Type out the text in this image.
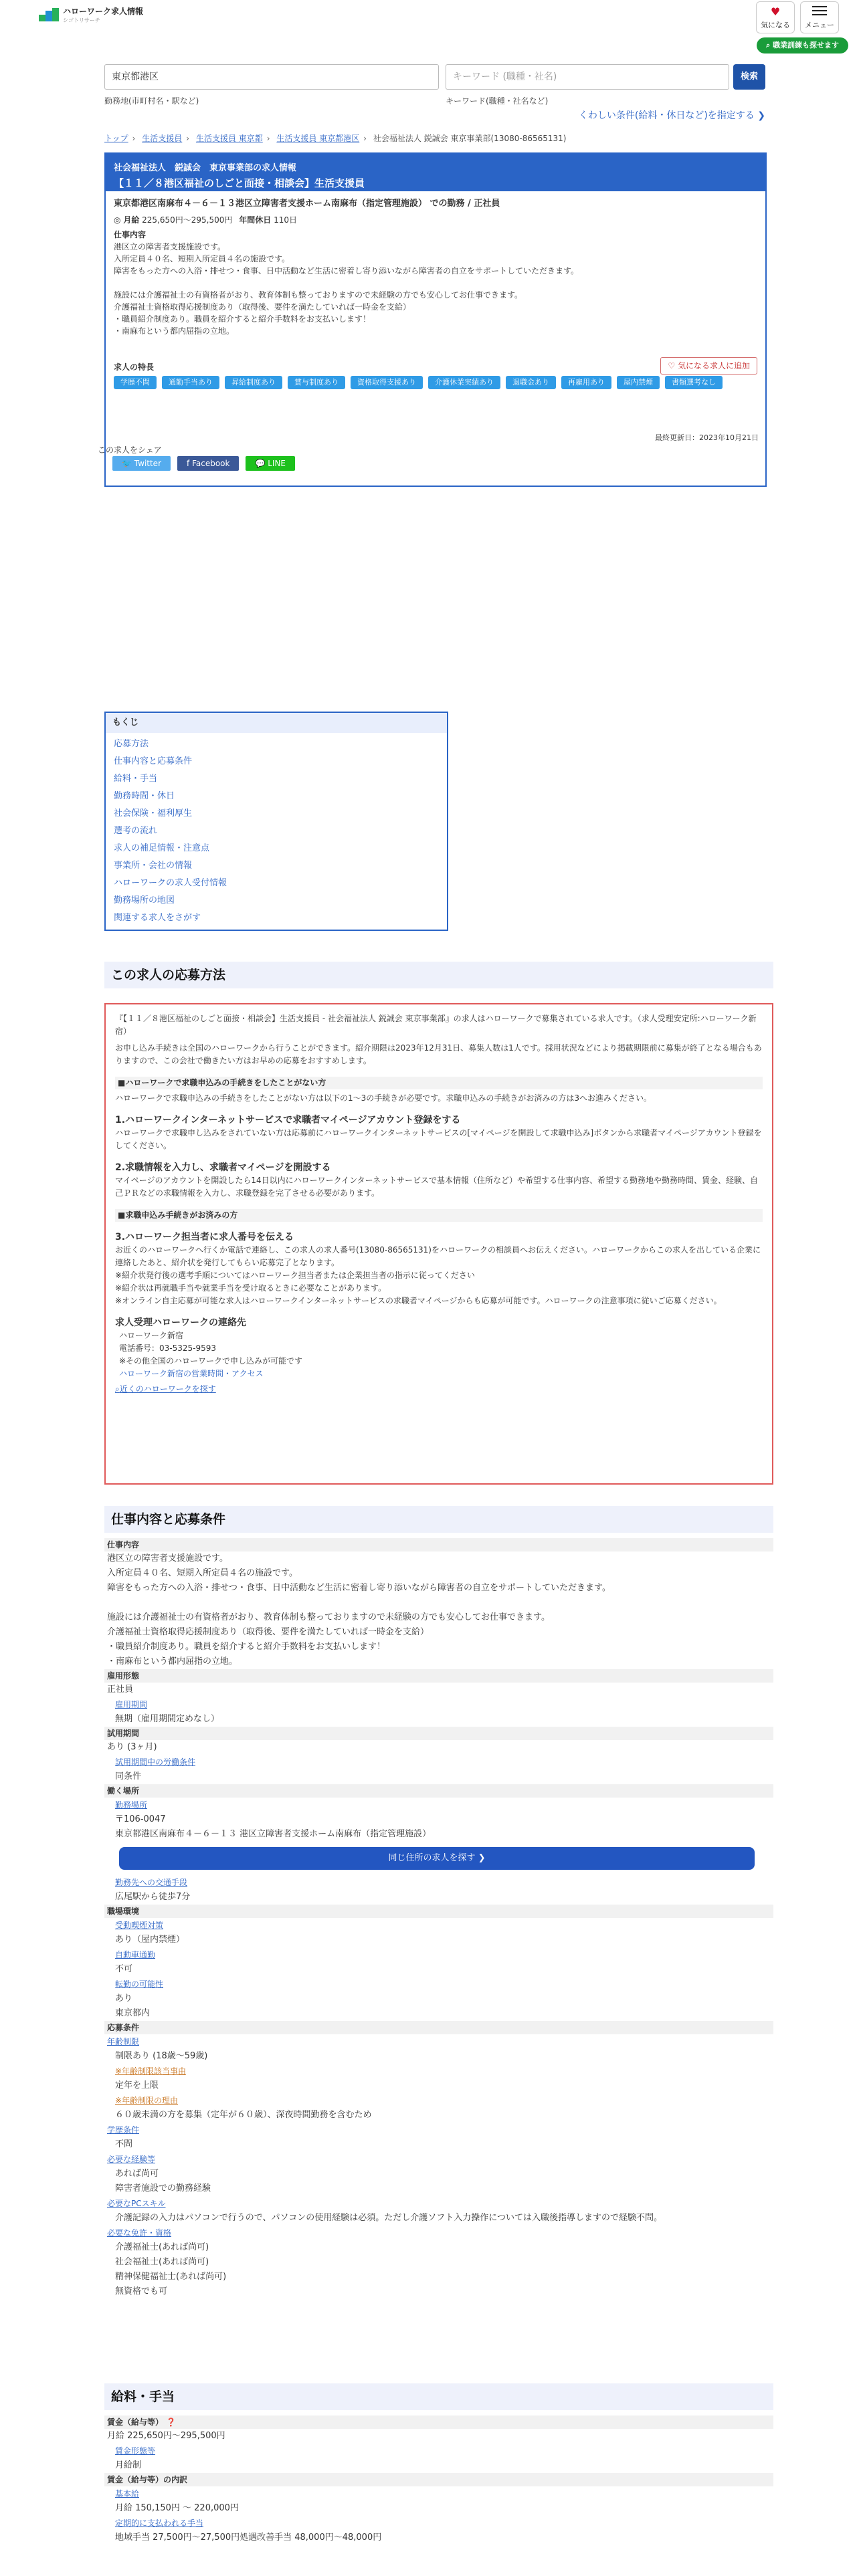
ハローワーク求人情報
シゴトリサーチ
♥
気になる	メニュー
⌕ 職業訓練も探せます
東京都港区
勤務地(市町村名・駅など)
キーワード (職種・社名)
キーワード(職種・社名など)
検索
くわしい条件(給料・休日など)を指定する ❯
トップ › 生活支援員 › 生活支援員 東京都 › 生活支援員 東京都港区 › 社会福祉法人 鋭誠会 東京事業部(13080-86565131)
社会福祉法人　鋭誠会　東京事業部の求人情報
【１１／８港区福祉のしごと面接・相談会】生活支援員
東京都港区南麻布４－６－１３港区立障害者支援ホーム南麻布（指定管理施設） での勤務 / 正社員
◎ 月給 225,650円〜295,500円 年間休日 110日
仕事内容
港区立の障害者支援施設です。
入所定員４０名、短期入所定員４名の施設です。
障害をもった方への入浴・排せつ・食事、日中活動など生活に密着し寄り添いながら障害者の自立をサポートしていただきます。
施設には介護福祉士の有資格者がおり、教育体制も整っておりますので未経験の方でも安心してお仕事できます。
介護福祉士資格取得応援制度あり（取得後、要件を満たしていれば一時金を支給）
・職員紹介制度あり。職員を紹介すると紹介手数料をお支払いします！
・南麻布という都内屈指の立地。
♡ 気になる求人に追加
求人の特長
学歴不問	通勤手当あり	昇給制度あり	賞与制度あり	資格取得支援あり	介護休業実績あり	退職金あり	再雇用あり	屋内禁煙	書類選考なし
最終更新日：2023年10月21日
この求人をシェア
🐦 Twitter	f Facebook	💬 LINE
もくじ
応募方法
仕事内容と応募条件
給料・手当
勤務時間・休日
社会保険・福利厚生
選考の流れ
求人の補足情報・注意点
事業所・会社の情報
ハローワークの求人受付情報
勤務場所の地図
関連する求人をさがす
この求人の応募方法
『【１１／８港区福祉のしごと面接・相談会】生活支援員 - 社会福祉法人 鋭誠会 東京事業部』の求人はハローワークで募集されている求人です。（求人受理安定所:ハローワーク新宿）
お申し込み手続きは全国のハローワークから行うことができます。紹介期限は2023年12月31日、募集人数は1人です。採用状況などにより掲載期限前に募集が終了となる場合もありますので、この会社で働きたい方はお早めの応募をおすすめします。
■ハローワークで求職申込みの手続きをしたことがない方
ハローワークで求職申込みの手続きをしたことがない方は以下の1〜3の手続きが必要です。求職申込みの手続きがお済みの方は3へお進みください。
1.ハローワークインターネットサービスで求職者マイページアカウント登録をする
ハローワークで求職申し込みをされていない方は応募前にハローワークインターネットサービスの[マイページを開設して求職申込み]ボタンから求職者マイページアカウント登録をしてください。
2.求職情報を入力し、求職者マイページを開設する
マイページのアカウントを開設したら14日以内にハローワークインターネットサービスで基本情報（住所など）や希望する仕事内容、希望する勤務地や勤務時間、賃金、経験、自己ＰＲなどの求職情報を入力し、求職登録を完了させる必要があります。
■求職申込み手続きがお済みの方
3.ハローワーク担当者に求人番号を伝える
お近くのハローワークへ行くか電話で連絡し、この求人の求人番号(13080-86565131)をハローワークの相談員へお伝えください。ハローワークからこの求人を出している企業に連絡したあと、紹介状を発行してもらい応募完了となります。
※紹介状発行後の選考手順についてはハローワーク担当者または企業担当者の指示に従ってください
※紹介状は再就職手当や就業手当を受け取るときに必要なことがあります。
※オンライン自主応募が可能な求人はハローワークインターネットサービスの求職者マイページからも応募が可能です。ハローワークの注意事項に従いご応募ください。
求人受理ハローワークの連絡先
ハローワーク新宿
電話番号：03-5325-9593
※その他全国のハローワークで申し込みが可能です
ハローワーク新宿の営業時間・アクセス
⌕近くのハローワークを探す
仕事内容と応募条件
仕事内容
港区立の障害者支援施設です。
入所定員４０名、短期入所定員４名の施設です。
障害をもった方への入浴・排せつ・食事、日中活動など生活に密着し寄り添いながら障害者の自立をサポートしていただきます。
施設には介護福祉士の有資格者がおり、教育体制も整っておりますので未経験の方でも安心してお仕事できます。
介護福祉士資格取得応援制度あり（取得後、要件を満たしていれば一時金を支給）
・職員紹介制度あり。職員を紹介すると紹介手数料をお支払いします！
・南麻布という都内屈指の立地。
雇用形態
正社員
雇用期間
無期（雇用期間定めなし）
試用期間
あり (3ヶ月)
試用期間中の労働条件
同条件
働く場所
勤務場所
〒106-0047
東京都港区南麻布４－６－１３ 港区立障害者支援ホーム南麻布（指定管理施設）
同じ住所の求人を探す ❯
勤務先への交通手段
広尾駅から徒歩7分
職場環境
受動喫煙対策
あり（屋内禁煙）
自動車通勤
不可
転勤の可能性
あり
東京都内
応募条件
年齢制限
制限あり (18歳〜59歳)
※年齢制限該当事由
定年を上限
※年齢制限の理由
６０歳未満の方を募集（定年が６０歳）、深夜時間勤務を含むため
学歴条件
不問
必要な経験等
あれば尚可
障害者施設での勤務経験
必要なPCスキル
介護記録の入力はパソコンで行うので、パソコンの使用経験は必須。ただし介護ソフト入力操作については入職後指導しますので経験不問。
必要な免許・資格
介護福祉士(あれば尚可)
社会福祉士(あれば尚可)
精神保健福祉士(あれば尚可)
無資格でも可
給料・手当
賃金（給与等） ❓
月給 225,650円〜295,500円
賃金形態等
月給制
賃金（給与等）の内訳
基本給
月給 150,150円 〜 220,000円
定期的に支払われる手当
地域手当 27,500円〜27,500円処遇改善手当 48,000円〜48,000円
